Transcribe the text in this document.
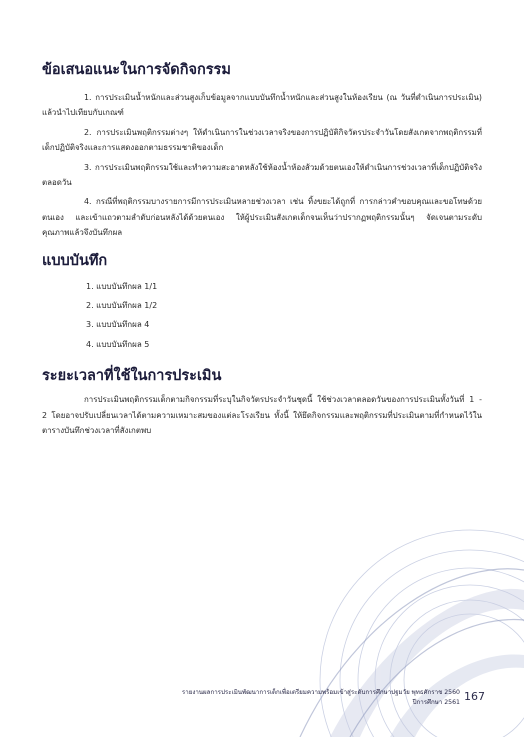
ข้อเสนอแนะในการจัดกิจกรรม

1. การประเมินน้ำหนักและส่วนสูงเก็บข้อมูลจากแบบบันทึกน้ำหนักและส่วนสูงในห้องเรียน (ณ วันที่ดำเนินการประเมิน) แล้วนำไปเทียบกับเกณฑ์

2. การประเมินพฤติกรรมต่างๆ ให้ดำเนินการในช่วงเวลาจริงของการปฏิบัติกิจวัตรประจำวันโดยสังเกตจากพฤติกรรมที่เด็กปฏิบัติจริงและการแสดงออกตามธรรมชาติของเด็ก

3. การประเมินพฤติกรรมใช้และทำความสะอาดหลังใช้ห้องน้ำห้องส้วมด้วยตนเองให้ดำเนินการช่วงเวลาที่เด็กปฏิบัติจริงตลอดวัน

4. กรณีที่พฤติกรรมบางรายการมีการประเมินหลายช่วงเวลา เช่น ทิ้งขยะได้ถูกที่ การกล่าวคำขอบคุณและขอโทษด้วยตนเอง และเข้าแถวตามลำดับก่อนหลังได้ด้วยตนเอง ให้ผู้ประเมินสังเกตเด็กจนเห็นว่าปรากฏพฤติกรรมนั้นๆ จัดเจนตามระดับคุณภาพแล้วจึงบันทึกผล

แบบบันทึก
1. แบบบันทึกผล 1/1
2. แบบบันทึกผล 1/2
3. แบบบันทึกผล 4
4. แบบบันทึกผล 5
ระยะเวลาที่ใช้ในการประเมิน

การประเมินพฤติกรรมเด็กตามกิจกรรมที่ระบุในกิจวัตรประจำวันชุดนี้ ใช้ช่วงเวลาตลอดวันของการประเมินทั้งวันที่ 1 - 2 โดยอาจปรับเปลี่ยนเวลาได้ตามความเหมาะสมของแต่ละโรงเรียน ทั้งนี้ ให้ยึดกิจกรรมและพฤติกรรมที่ประเมินตามที่กำหนดไว้ในตารางบันทึกช่วงเวลาที่สังเกตพบ

รายงานผลการประเมินพัฒนาการเด็กเพื่อเตรียมความพร้อมเข้าสู่ระดับการศึกษาปฐมวัย พุทธศักราช 2560
ปีการศึกษา 2561 167
